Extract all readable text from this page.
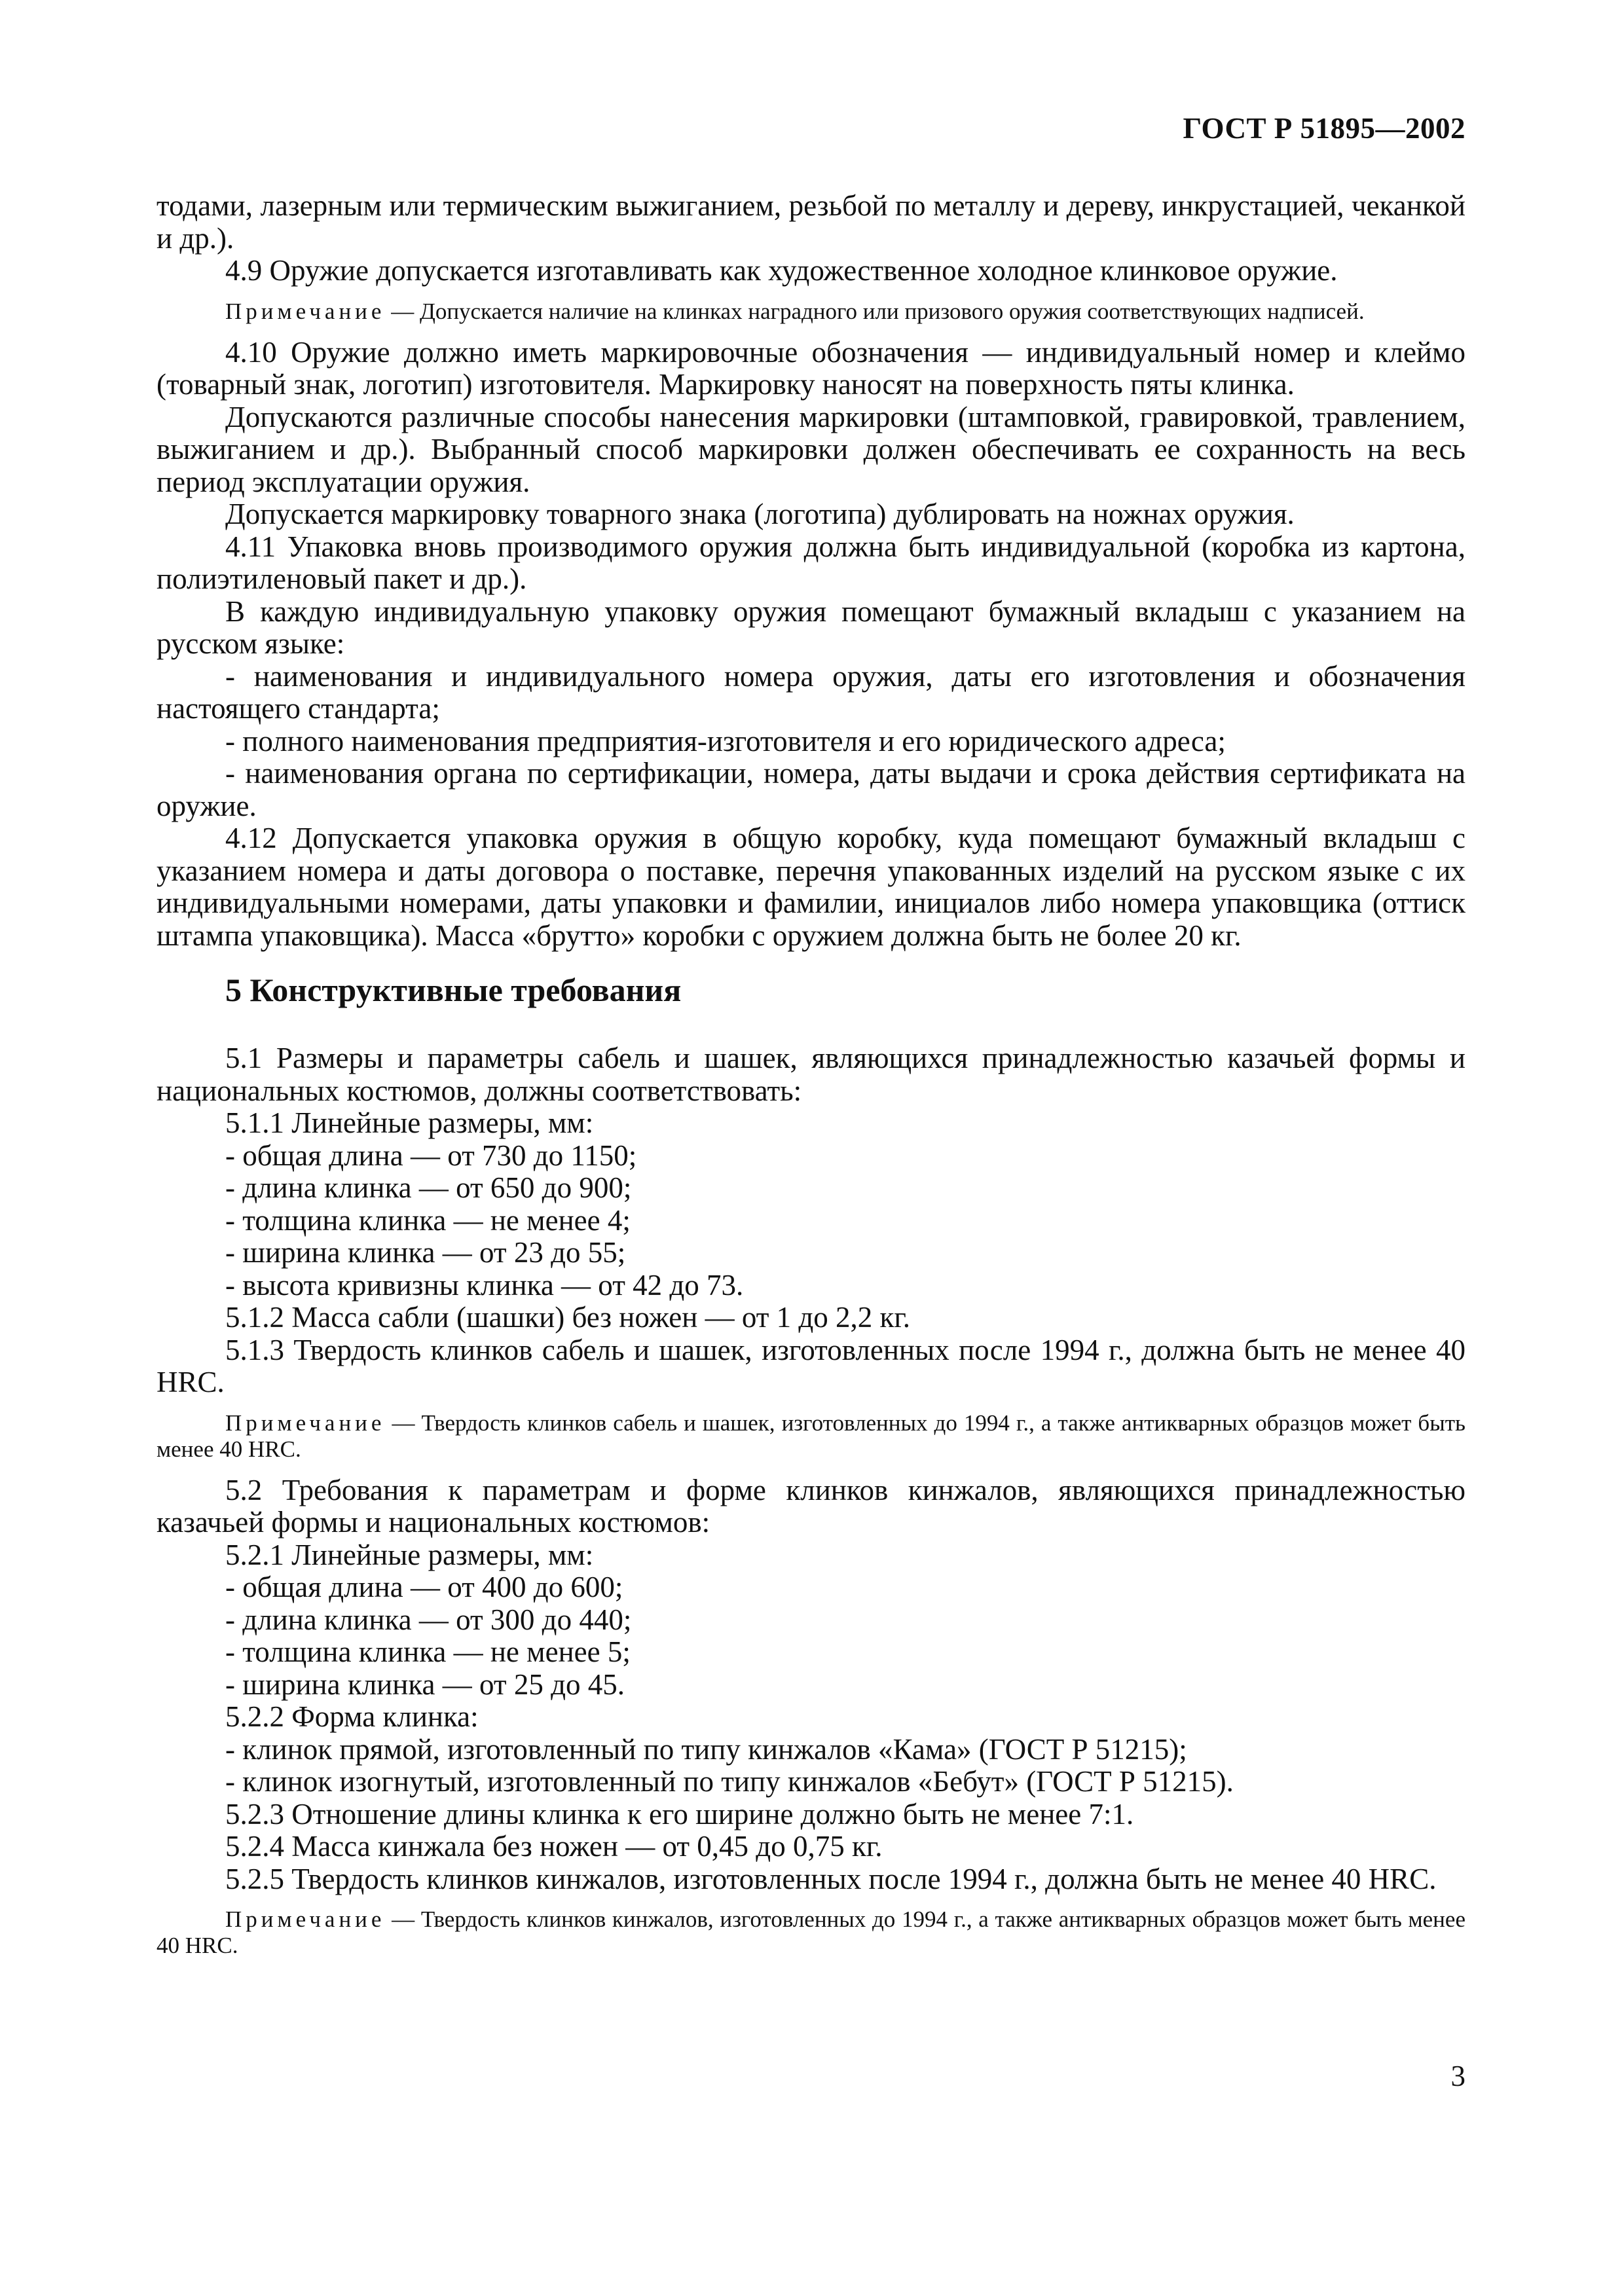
ГОСТ Р 51895—2002

тодами, лазерным или термическим выжиганием, резьбой по металлу и дереву, инкрустацией, чеканкой и др.).

4.9 Оружие допускается изготавливать как художественное холодное клинковое оружие.

Примечание — Допускается наличие на клинках наградного или призового оружия соответствующих надписей.

4.10 Оружие должно иметь маркировочные обозначения — индивидуальный номер и клеймо (товарный знак, логотип) изготовителя. Маркировку наносят на поверхность пяты клинка.

Допускаются различные способы нанесения маркировки (штамповкой, гравировкой, травлением, выжиганием и др.). Выбранный способ маркировки должен обеспечивать ее сохранность на весь период эксплуатации оружия.

Допускается маркировку товарного знака (логотипа) дублировать на ножнах оружия.

4.11 Упаковка вновь производимого оружия должна быть индивидуальной (коробка из картона, полиэтиленовый пакет и др.).

В каждую индивидуальную упаковку оружия помещают бумажный вкладыш с указанием на русском языке:

- наименования и индивидуального номера оружия, даты его изготовления и обозначения настоящего стандарта;

- полного наименования предприятия-изготовителя и его юридического адреса;

- наименования органа по сертификации, номера, даты выдачи и срока действия сертификата на оружие.

4.12 Допускается упаковка оружия в общую коробку, куда помещают бумажный вкладыш с указанием номера и даты договора о поставке, перечня упакованных изделий на русском языке с их индивидуальными номерами, даты упаковки и фамилии, инициалов либо номера упаковщика (оттиск штампа упаковщика). Масса «брутто» коробки с оружием должна быть не более 20 кг.

5 Конструктивные требования

5.1 Размеры и параметры сабель и шашек, являющихся принадлежностью казачьей формы и национальных костюмов, должны соответствовать:

5.1.1 Линейные размеры, мм:

- общая длина — от 730 до 1150;

- длина клинка — от 650 до 900;

- толщина клинка — не менее 4;

- ширина клинка — от 23 до 55;

- высота кривизны клинка — от 42 до 73.

5.1.2 Масса сабли (шашки) без ножен — от 1 до 2,2 кг.

5.1.3 Твердость клинков сабель и шашек, изготовленных после 1994 г., должна быть не менее 40 HRC.

Примечание — Твердость клинков сабель и шашек, изготовленных до 1994 г., а также антикварных образцов может быть менее 40 HRC.

5.2 Требования к параметрам и форме клинков кинжалов, являющихся принадлежностью казачьей формы и национальных костюмов:

5.2.1 Линейные размеры, мм:

- общая длина — от 400 до 600;

- длина клинка — от 300 до 440;

- толщина клинка — не менее 5;

- ширина клинка — от 25 до 45.

5.2.2 Форма клинка:

- клинок прямой, изготовленный по типу кинжалов «Кама» (ГОСТ Р 51215);

- клинок изогнутый, изготовленный по типу кинжалов «Бебут» (ГОСТ Р 51215).

5.2.3 Отношение длины клинка к его ширине должно быть не менее 7:1.

5.2.4 Масса кинжала без ножен — от 0,45 до 0,75 кг.

5.2.5 Твердость клинков кинжалов, изготовленных после 1994 г., должна быть не менее 40 HRC.

Примечание — Твердость клинков кинжалов, изготовленных до 1994 г., а также антикварных образцов может быть менее 40 HRC.

3
